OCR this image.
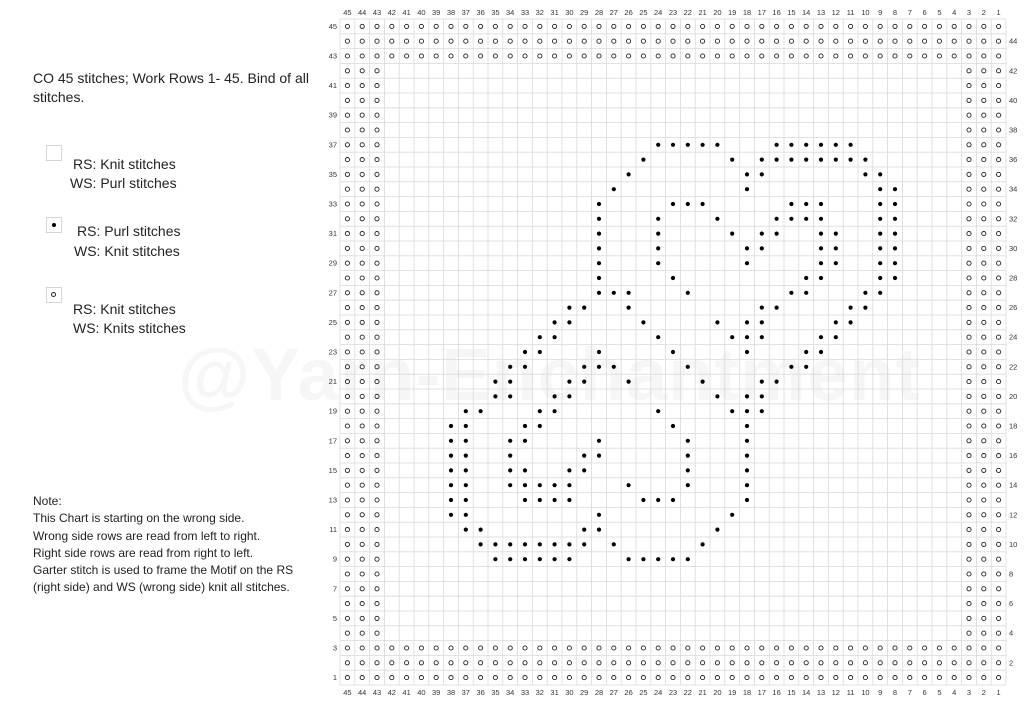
CO 45 stitches; Work Rows 1- 45. Bind of all stitches.
RS: Knit stitches
WS: Purl stitches
RS: Purl stitches
WS: Knit stitches
RS: Knit stitches
WS: Knits stitches
Note:
This Chart is starting on the wrong side.
Wrong side rows are read from left to right.
Right side rows are read from right to left.
Garter stitch is used to frame the Motif on the RS (right side) and WS (wrong side) knit all stitches.
45
45
44
44
43
43
42
42
41
41
40
40
39
39
38
38
37
37
36
36
35
35
34
34
33
33
32
32
31
31
30
30
29
29
28
28
27
27
26
26
25
25
24
24
23
23
22
22
21
21
20
20
19
19
18
18
17
17
16
16
15
15
14
14
13
13
12
12
11
11
10
10
9
9
8
8
7
7
6
6
5
5
4
4
3
3
2
2
1
1
1
2
3
4
5
6
7
8
9
10
11
12
13
14
15
16
17
18
19
20
21
22
23
24
25
26
27
28
29
30
31
32
33
34
35
36
37
38
39
40
41
42
43
44
45
